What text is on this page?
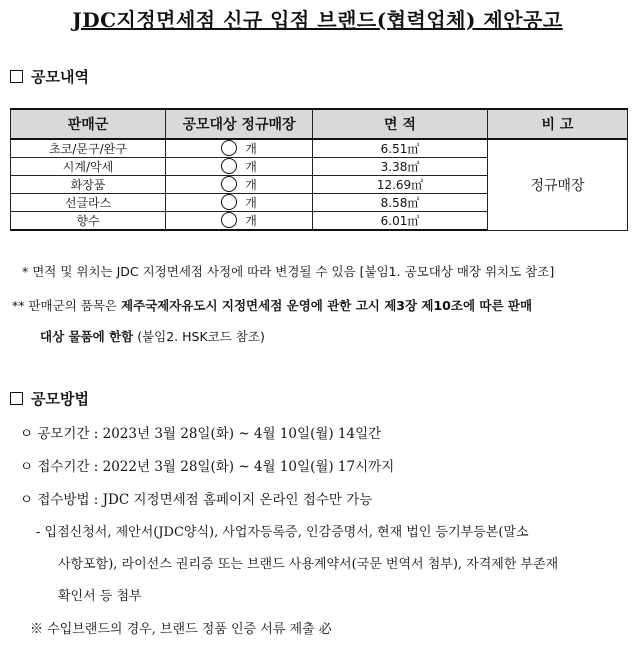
JDC지정면세점 신규 입점 브랜드(협력업체) 제안공고
공모내역
판매군	공모대상 정규매장	면 적	비 고
초코/문구/완구	개	6.51㎡	정규매장
시계/악세	개	3.38㎡	
화장품	개	12.69㎡	
선글라스	개	8.58㎡	
향수	개	6.01㎡	
* 면적 및 위치는 JDC 지정면세점 사정에 따라 변경될 수 있음 [붙임1. 공모대상 매장 위치도 참조]
** 판매군의 품목은 제주국제자유도시 지정면세점 운영에 관한 고시 제3장 제10조에 따른 판매
대상 물품에 한함 (붙임2. HSK코드 참조)
공모방법
ㅇ 공모기간 : 2023년 3월 28일(화) ~ 4월 10일(월) 14일간
ㅇ 접수기간 : 2022년 3월 28일(화) ~ 4월 10일(월) 17시까지
ㅇ 접수방법 : JDC 지정면세점 홈페이지 온라인 접수만 가능
- 입점신청서, 제안서(JDC양식), 사업자등록증, 인감증명서, 현재 법인 등기부등본(말소
사항포함), 라이선스 권리증 또는 브랜드 사용계약서(국문 번역서 첨부), 자격제한 부존재
확인서 등 첨부
※ 수입브랜드의 경우, 브랜드 정품 인증 서류 제출 必
